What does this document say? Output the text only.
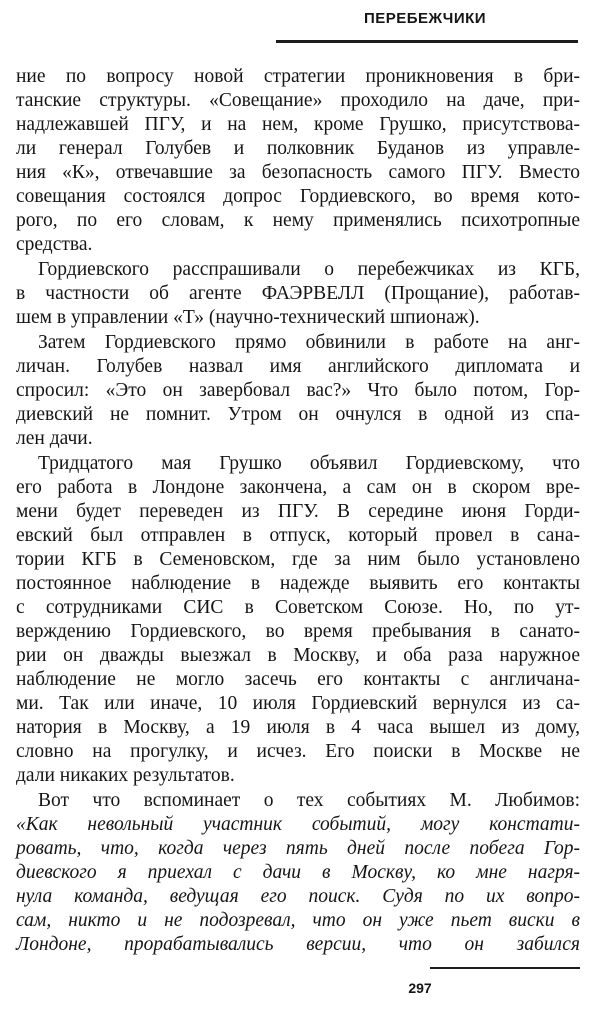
ПЕРЕБЕЖЧИКИ
ние по вопросу новой стратегии проникновения в бри-
танские структуры. «Совещание» проходило на даче, при-
надлежавшей ПГУ, и на нем, кроме Грушко, присутствова-
ли генерал Голубев и полковник Буданов из управле-
ния «К», отвечавшие за безопасность самого ПГУ. Вместо
совещания состоялся допрос Гордиевского, во время кото-
рого, по его словам, к нему применялись психотропные
средства.
Гордиевского расспрашивали о перебежчиках из КГБ,
в частности об агенте ФАЭРВЕЛЛ (Прощание), работав-
шем в управлении «Т» (научно-технический шпионаж).
Затем Гордиевского прямо обвинили в работе на анг-
личан. Голубев назвал имя английского дипломата и
спросил: «Это он завербовал вас?» Что было потом, Гор-
диевский не помнит. Утром он очнулся в одной из спа-
лен дачи.
Тридцатого мая Грушко объявил Гордиевскому, что
его работа в Лондоне закончена, а сам он в скором вре-
мени будет переведен из ПГУ. В середине июня Горди-
евский был отправлен в отпуск, который провел в сана-
тории КГБ в Семеновском, где за ним было установлено
постоянное наблюдение в надежде выявить его контакты
с сотрудниками СИС в Советском Союзе. Но, по ут-
верждению Гордиевского, во время пребывания в санато-
рии он дважды выезжал в Москву, и оба раза наружное
наблюдение не могло засечь его контакты с англичана-
ми. Так или иначе, 10 июля Гордиевский вернулся из са-
натория в Москву, а 19 июля в 4 часа вышел из дому,
словно на прогулку, и исчез. Его поиски в Москве не
дали никаких результатов.
Вот что вспоминает о тех событиях М. Любимов:
«Как невольный участник событий, могу констати-
ровать, что, когда через пять дней после побега Гор-
диевского я приехал с дачи в Москву, ко мне нагря-
нула команда, ведущая его поиск. Судя по их вопро-
сам, никто и не подозревал, что он уже пьет виски в
Лондоне, прорабатывались версии, что он забился
297
